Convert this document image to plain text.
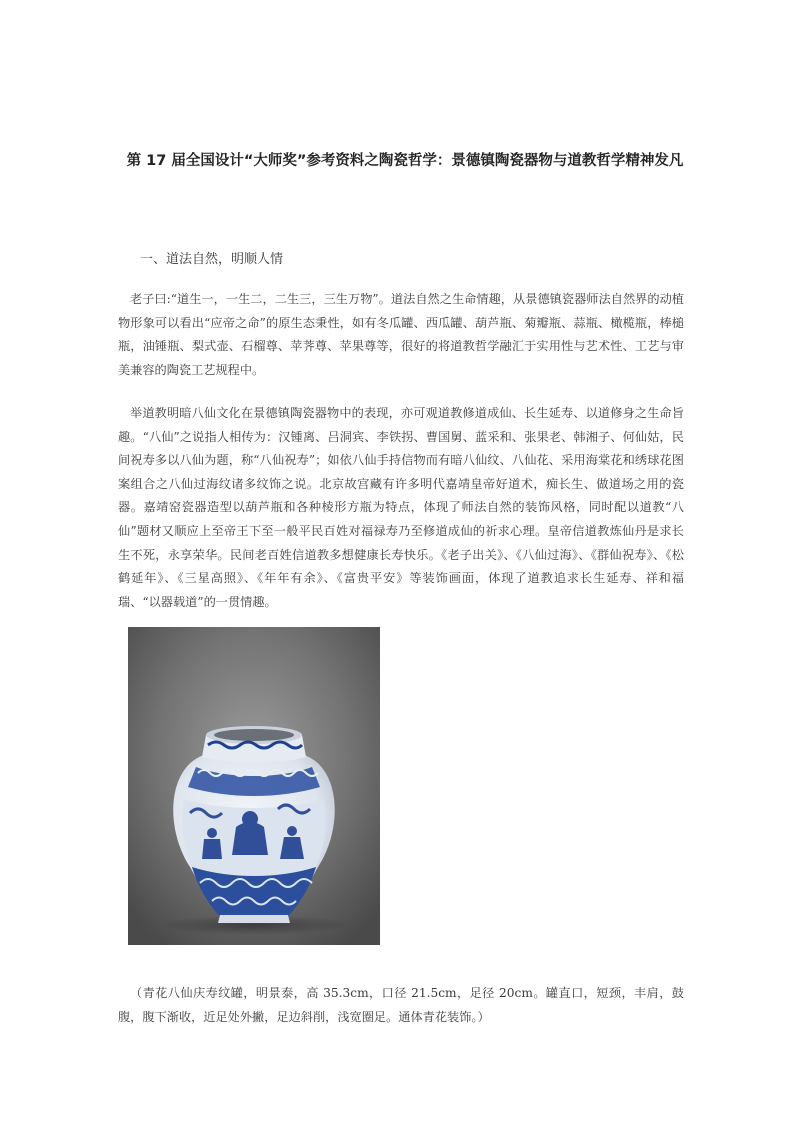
第 17 届全国设计“大师奖”参考资料之陶瓷哲学：景德镇陶瓷器物与道教哲学精神发凡
一、道法自然，明顺人情

老子曰:“道生一，一生二，二生三，三生万物”。道法自然之生命情趣，从景德镇瓷器师法自然界的动植物形象可以看出“应帝之命”的原生态秉性，如有冬瓜罐、西瓜罐、葫芦瓶、菊瓣瓶、蒜瓶、橄榄瓶，棒槌瓶，油锤瓶、梨式壶、石榴尊、苹荠尊、苹果尊等，很好的将道教哲学融汇于实用性与艺术性、工艺与审美兼容的陶瓷工艺规程中。

举道教明暗八仙文化在景德镇陶瓷器物中的表现，亦可观道教修道成仙、长生延寿、以道修身之生命旨趣。“八仙”之说指人相传为：汉锺离、吕洞宾、李铁拐、曹国舅、蓝采和、张果老、韩湘子、何仙姑，民间祝寿多以八仙为题，称“八仙祝寿”；如依八仙手持信物而有暗八仙纹、八仙花、采用海棠花和绣球花图案组合之八仙过海纹诸多纹饰之说。北京故宫藏有许多明代嘉靖皇帝好道术，痴长生、做道场之用的瓷器。嘉靖窑瓷器造型以葫芦瓶和各种棱形方瓶为特点，体现了师法自然的装饰风格，同时配以道教“八仙”题材又顺应上至帝王下至一般平民百姓对福禄寿乃至修道成仙的祈求心理。皇帝信道教炼仙丹是求长生不死，永享荣华。民间老百姓信道教多想健康长寿快乐。《老子出关》、《八仙过海》、《群仙祝寿》、《松鹤延年》、《三星高照》、《年年有余》、《富贵平安》等装饰画面，体现了道教追求长生延寿、祥和福瑞、“以器载道”的一贯情趣。

（青花八仙庆寿纹罐，明景泰，高 35.3cm，口径 21.5cm，足径 20cm。罐直口，短颈，丰肩，鼓腹，腹下渐收，近足处外撇，足边斜削，浅宽圈足。通体青花装饰。）
